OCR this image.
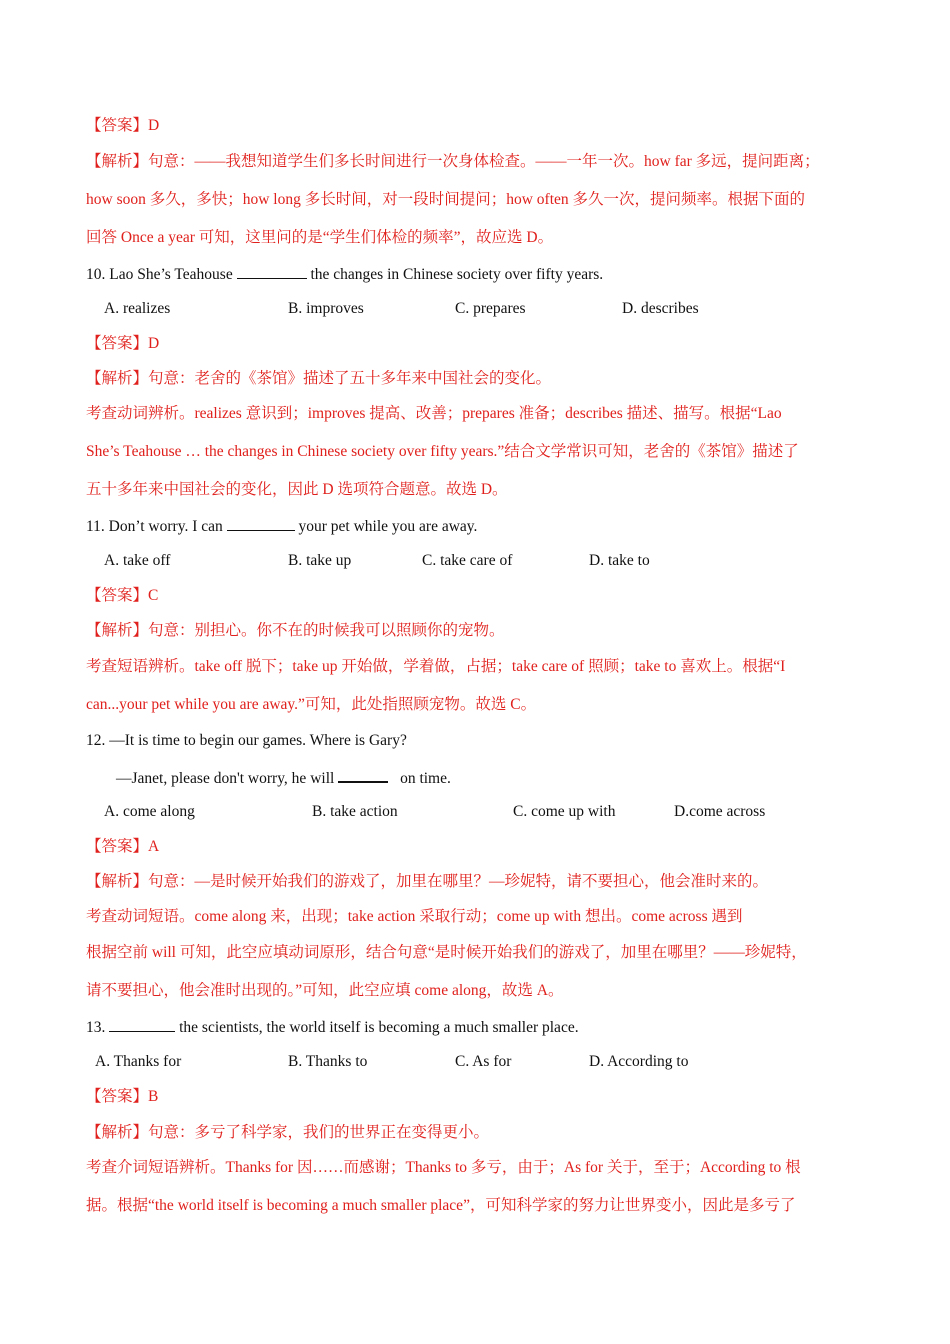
【答案】D
【解析】句意：——我想知道学生们多长时间进行一次身体检查。——一年一次。how far 多远，提问距离；
how soon 多久，多快；how long 多长时间，对一段时间提问；how often 多久一次，提问频率。根据下面的
回答 Once a year 可知，这里问的是“学生们体检的频率”，故应选 D。
10. Lao She’s Teahouse	the changes in Chinese society over fifty years.
A. realizes	B. improves	C. prepares	D. describes
【答案】D
【解析】句意：老舍的《茶馆》描述了五十多年来中国社会的变化。
考查动词辨析。realizes 意识到；improves 提高、改善；prepares 准备；describes 描述、描写。根据“Lao
She’s Teahouse … the changes in Chinese society over fifty years.”结合文学常识可知，老舍的《茶馆》描述了
五十多年来中国社会的变化，因此 D 选项符合题意。故选 D。
11. Don’t worry. I can	your pet while you are away.
A. take off	B. take up	C. take care of	D. take to
【答案】C
【解析】句意：别担心。你不在的时候我可以照顾你的宠物。
考查短语辨析。take off 脱下；take up 开始做，学着做，占据；take care of 照顾；take to 喜欢上。根据“I
can...your pet while you are away.”可知，此处指照顾宠物。故选 C。
12. —It is time to begin our games. Where is Gary?
—Janet, please don't worry, he will	on time.
A. come along	B. take action	C. come up with	D.come across
【答案】A
【解析】句意：—是时候开始我们的游戏了，加里在哪里？—珍妮特，请不要担心，他会准时来的。
考查动词短语。come along 来，出现；take action 采取行动；come up with 想出。come across 遇到
根据空前 will 可知，此空应填动词原形，结合句意“是时候开始我们的游戏了，加里在哪里？——珍妮特，
请不要担心，他会准时出现的。”可知，此空应填 come along，故选 A。
13.	the scientists, the world itself is becoming a much smaller place.
A. Thanks for	B. Thanks to	C. As for	D. According to
【答案】B
【解析】句意：多亏了科学家，我们的世界正在变得更小。
考查介词短语辨析。Thanks for 因……而感谢；Thanks to 多亏，由于；As for 关于，至于；According to 根
据。根据“the world itself is becoming a much smaller place”，可知科学家的努力让世界变小，因此是多亏了
